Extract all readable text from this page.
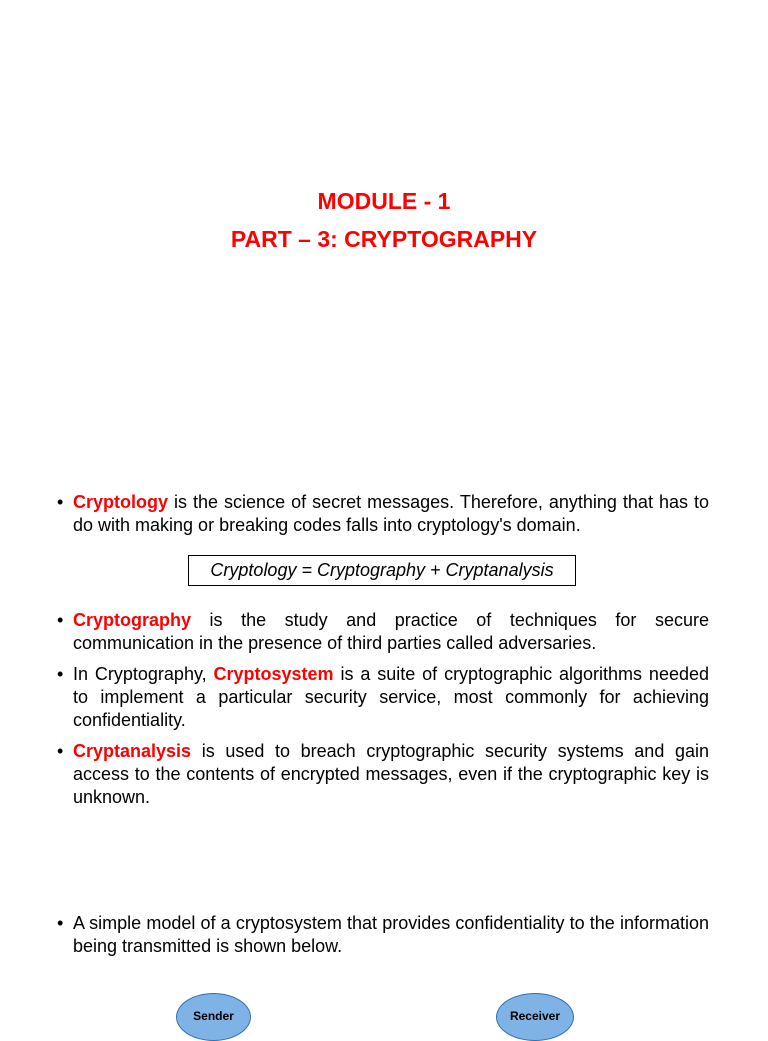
MODULE - 1
PART – 3: CRYPTOGRAPHY
• Cryptology is the science of secret messages. Therefore, anything that has to do with making or breaking codes falls into cryptology's domain.
Cryptology = Cryptography + Cryptanalysis
• Cryptography is the study and practice of techniques for secure communication in the presence of third parties called adversaries.
• In Cryptography, Cryptosystem is a suite of cryptographic algorithms needed to implement a particular security service, most commonly for achieving confidentiality.
• Cryptanalysis is used to breach cryptographic security systems and gain access to the contents of encrypted messages, even if the cryptographic key is unknown.
• A simple model of a cryptosystem that provides confidentiality to the information being transmitted is shown below.
Sender	Receiver
